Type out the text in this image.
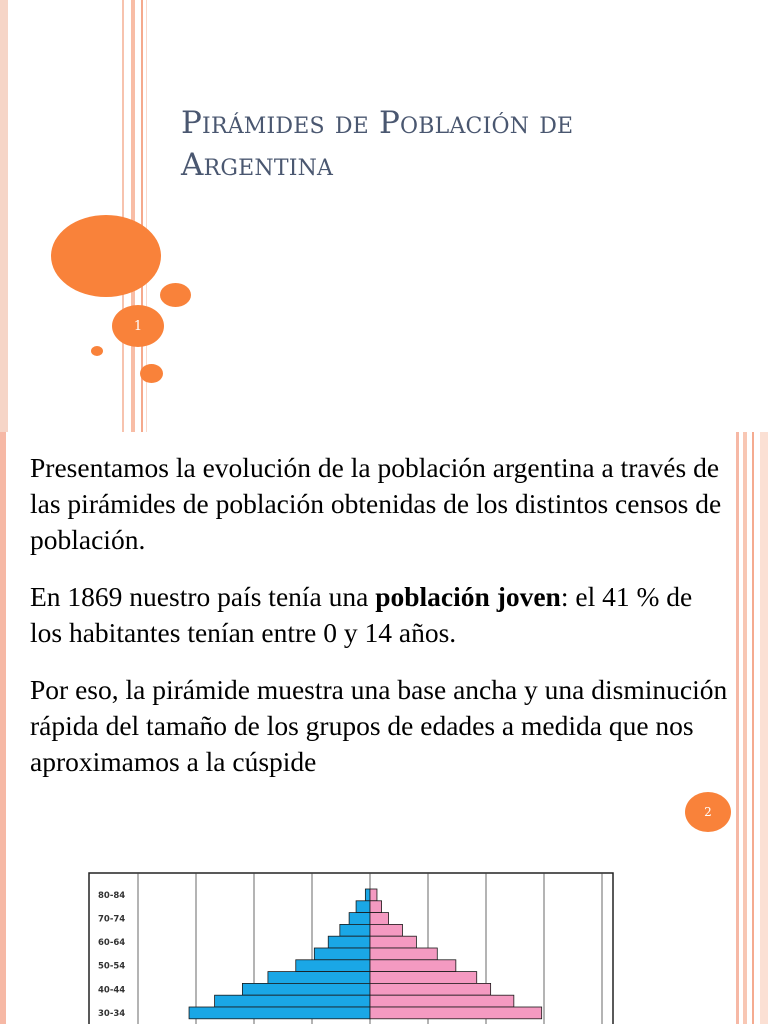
Pirámides de Población de Argentina
1

Presentamos la evolución de la población argentina a través de las pirámides de población obtenidas de los distintos censos de población.

En 1869 nuestro país tenía una población joven: el 41 % de los habitantes tenían entre 0 y 14 años.

Por eso, la pirámide muestra una base ancha y una disminución rápida del tamaño de los grupos de edades a medida que nos aproximamos a la cúspide

2
80-84
70-74
60-64
50-54
40-44
30-34
